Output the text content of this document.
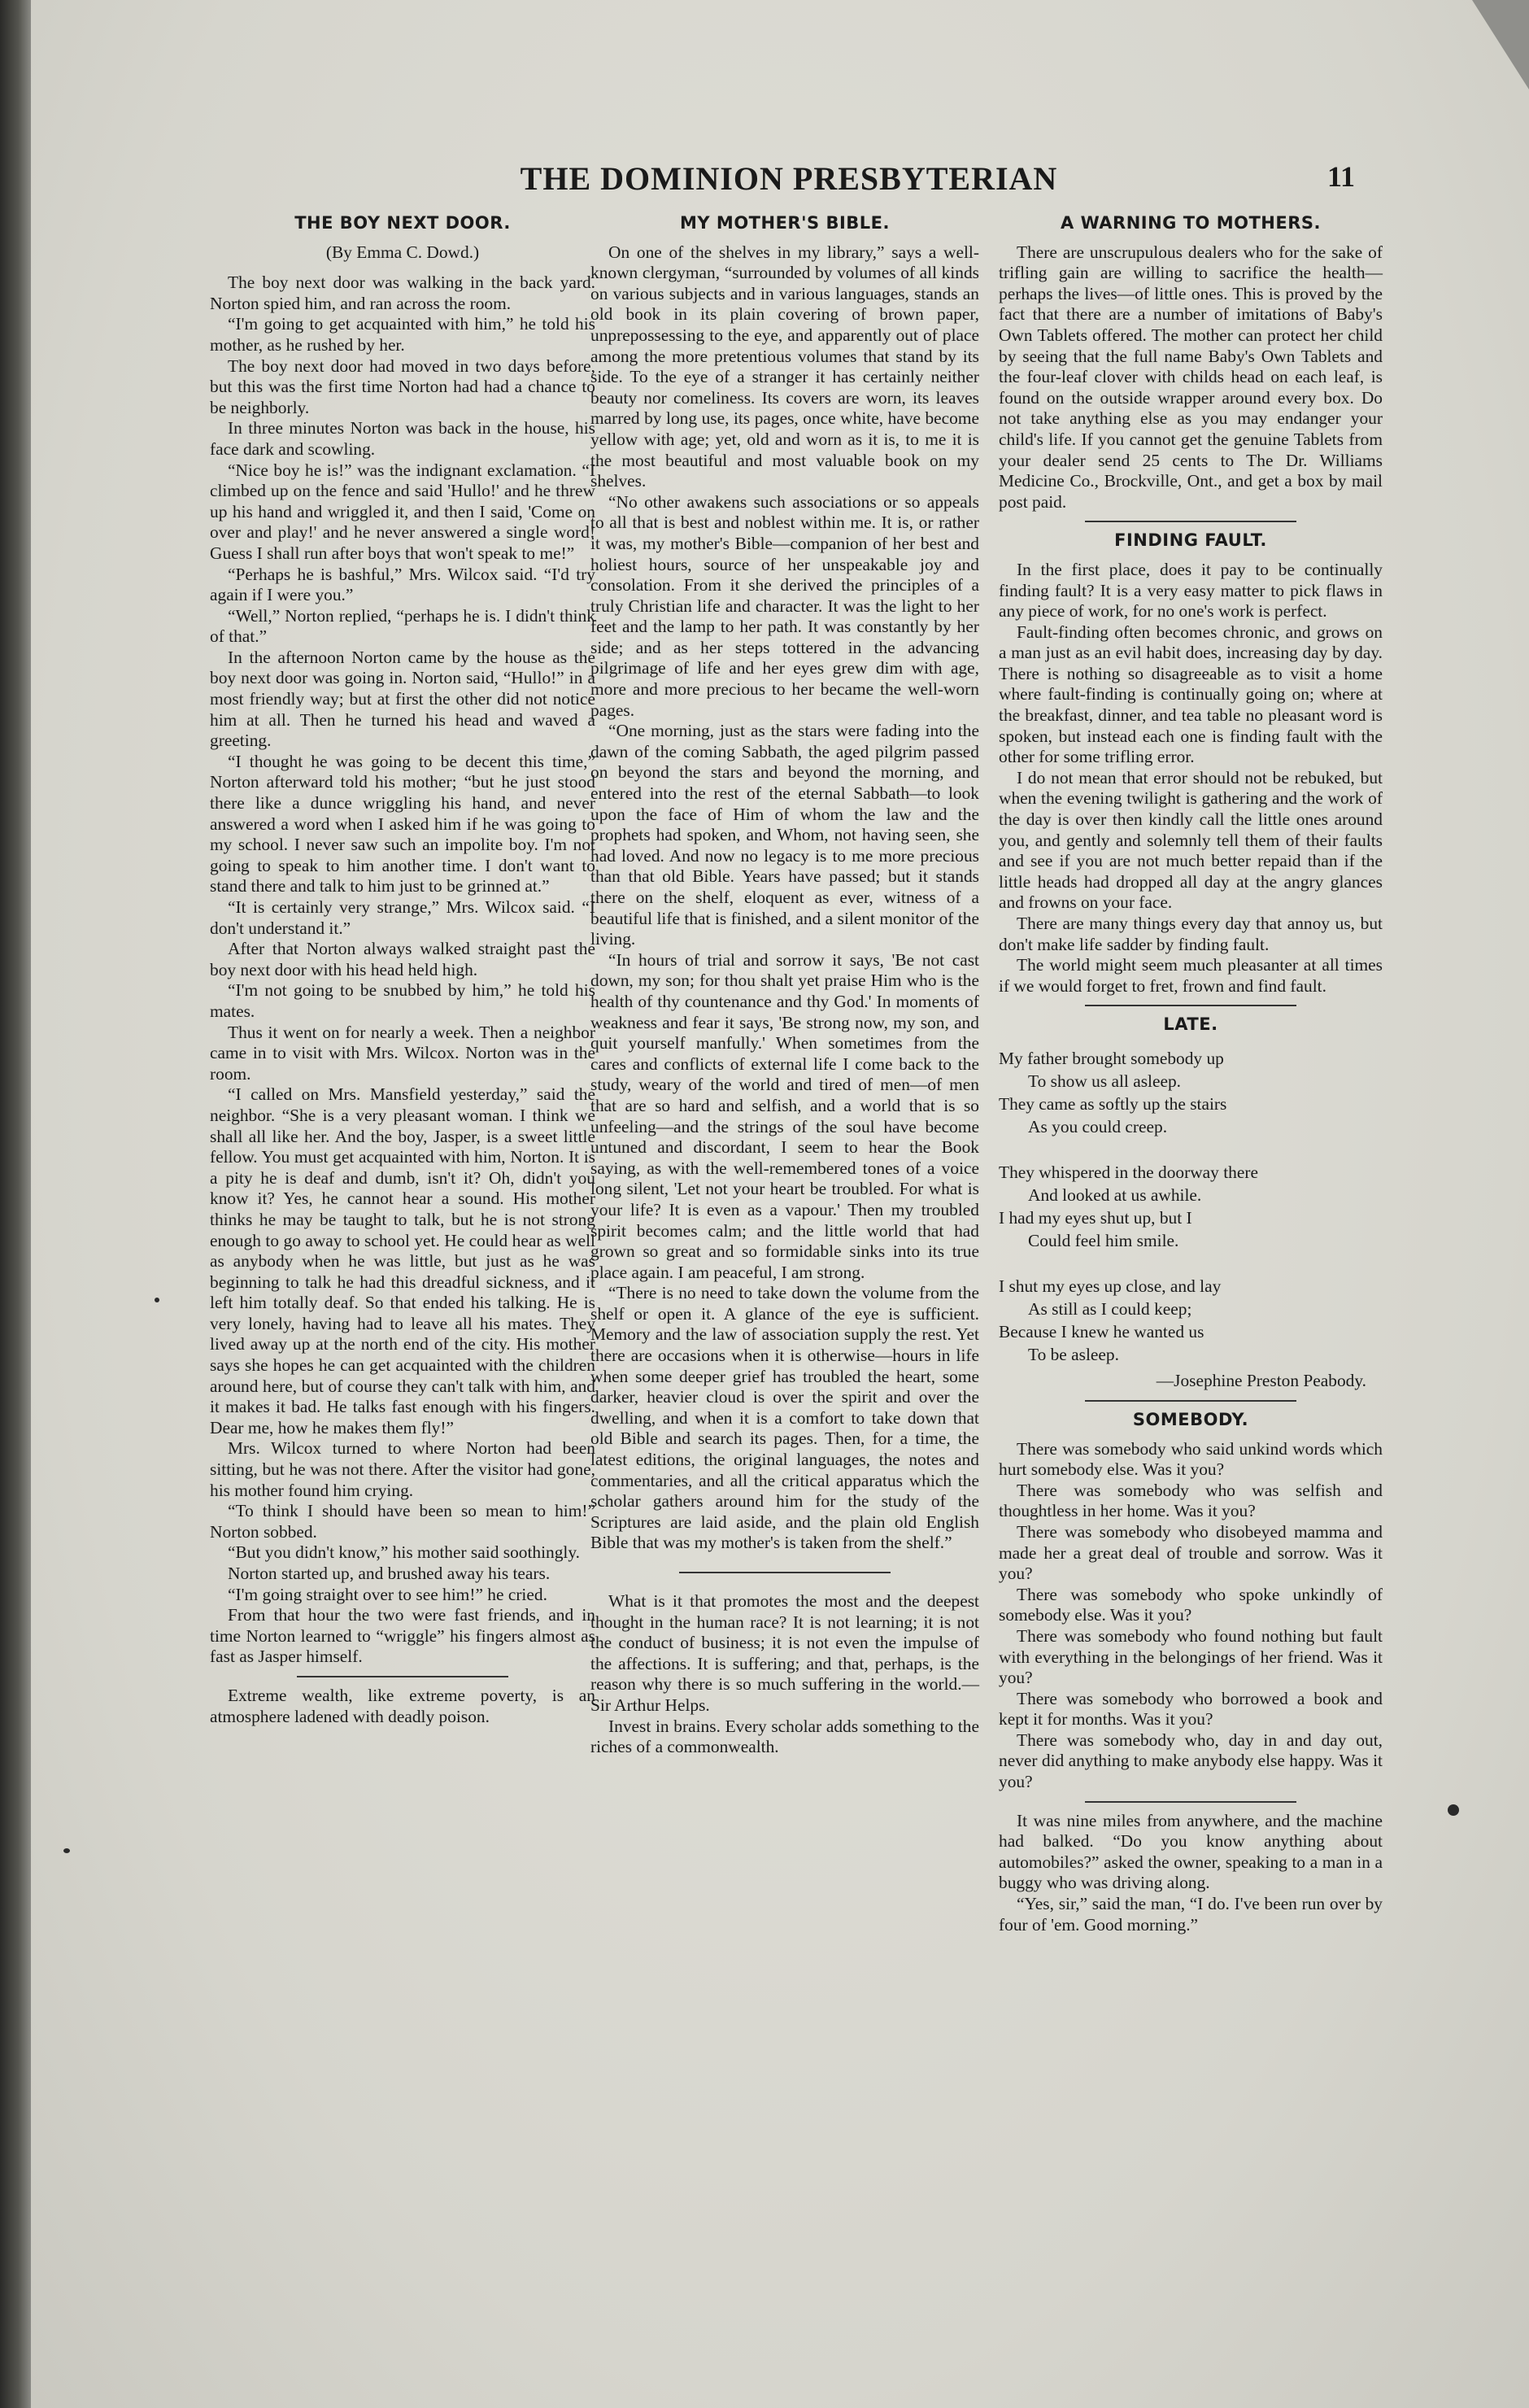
THE DOMINION PRESBYTERIAN	11
THE BOY NEXT DOOR.
(By Emma C. Dowd.)

The boy next door was walking in the back yard. Norton spied him, and ran across the room.

“I'm going to get acquainted with him,” he told his mother, as he rushed by her.

The boy next door had moved in two days before, but this was the first time Norton had had a chance to be neighborly.

In three minutes Norton was back in the house, his face dark and scowling.

“Nice boy he is!” was the indignant exclamation. “I climbed up on the fence and said 'Hullo!' and he threw up his hand and wriggled it, and then I said, 'Come on over and play!' and he never answered a single word! Guess I shall run after boys that won't speak to me!”

“Perhaps he is bashful,” Mrs. Wilcox said. “I'd try again if I were you.”

“Well,” Norton replied, “perhaps he is. I didn't think of that.”

In the afternoon Norton came by the house as the boy next door was going in. Norton said, “Hullo!” in a most friendly way; but at first the other did not notice him at all. Then he turned his head and waved a greeting.

“I thought he was going to be decent this time,” Norton afterward told his mother; “but he just stood there like a dunce wriggling his hand, and never answered a word when I asked him if he was going to my school. I never saw such an impolite boy. I'm not going to speak to him another time. I don't want to stand there and talk to him just to be grinned at.”

“It is certainly very strange,” Mrs. Wilcox said. “I don't understand it.”

After that Norton always walked straight past the boy next door with his head held high.

“I'm not going to be snubbed by him,” he told his mates.

Thus it went on for nearly a week. Then a neighbor came in to visit with Mrs. Wilcox. Norton was in the room.

“I called on Mrs. Mansfield yesterday,” said the neighbor. “She is a very pleasant woman. I think we shall all like her. And the boy, Jasper, is a sweet little fellow. You must get acquainted with him, Norton. It is a pity he is deaf and dumb, isn't it? Oh, didn't you know it? Yes, he cannot hear a sound. His mother thinks he may be taught to talk, but he is not strong enough to go away to school yet. He could hear as well as anybody when he was little, but just as he was beginning to talk he had this dreadful sickness, and it left him totally deaf. So that ended his talking. He is very lonely, having had to leave all his mates. They lived away up at the north end of the city. His mother says she hopes he can get acquainted with the children around here, but of course they can't talk with him, and it makes it bad. He talks fast enough with his fingers. Dear me, how he makes them fly!”

Mrs. Wilcox turned to where Norton had been sitting, but he was not there. After the visitor had gone, his mother found him crying.

“To think I should have been so mean to him!” Norton sobbed.

“But you didn't know,” his mother said soothingly.

Norton started up, and brushed away his tears.

“I'm going straight over to see him!” he cried.

From that hour the two were fast friends, and in time Norton learned to “wriggle” his fingers almost as fast as Jasper himself.

Extreme wealth, like extreme poverty, is an atmosphere ladened with deadly poison.

MY MOTHER'S BIBLE.

On one of the shelves in my library,” says a well-known clergyman, “surrounded by volumes of all kinds on various subjects and in various languages, stands an old book in its plain covering of brown paper, unprepossessing to the eye, and apparently out of place among the more pretentious volumes that stand by its side. To the eye of a stranger it has certainly neither beauty nor comeliness. Its covers are worn, its leaves marred by long use, its pages, once white, have become yellow with age; yet, old and worn as it is, to me it is the most beautiful and most valuable book on my shelves.

“No other awakens such associations or so appeals to all that is best and noblest within me. It is, or rather it was, my mother's Bible—companion of her best and holiest hours, source of her unspeakable joy and consolation. From it she derived the principles of a truly Christian life and character. It was the light to her feet and the lamp to her path. It was constantly by her side; and as her steps tottered in the advancing pilgrimage of life and her eyes grew dim with age, more and more precious to her became the well-worn pages.

“One morning, just as the stars were fading into the dawn of the coming Sabbath, the aged pilgrim passed on beyond the stars and beyond the morning, and entered into the rest of the eternal Sabbath—to look upon the face of Him of whom the law and the prophets had spoken, and Whom, not having seen, she had loved. And now no legacy is to me more precious than that old Bible. Years have passed; but it stands there on the shelf, eloquent as ever, witness of a beautiful life that is finished, and a silent monitor of the living.

“In hours of trial and sorrow it says, 'Be not cast down, my son; for thou shalt yet praise Him who is the health of thy countenance and thy God.' In moments of weakness and fear it says, 'Be strong now, my son, and quit yourself manfully.' When sometimes from the cares and conflicts of external life I come back to the study, weary of the world and tired of men—of men that are so hard and selfish, and a world that is so unfeeling—and the strings of the soul have become untuned and discordant, I seem to hear the Book saying, as with the well-remembered tones of a voice long silent, 'Let not your heart be troubled. For what is your life? It is even as a vapour.' Then my troubled spirit becomes calm; and the little world that had grown so great and so formidable sinks into its true place again. I am peaceful, I am strong.

“There is no need to take down the volume from the shelf or open it. A glance of the eye is sufficient. Memory and the law of association supply the rest. Yet there are occasions when it is otherwise—hours in life when some deeper grief has troubled the heart, some darker, heavier cloud is over the spirit and over the dwelling, and when it is a comfort to take down that old Bible and search its pages. Then, for a time, the latest editions, the original languages, the notes and commentaries, and all the critical apparatus which the scholar gathers around him for the study of the Scriptures are laid aside, and the plain old English Bible that was my mother's is taken from the shelf.”

What is it that promotes the most and the deepest thought in the human race? It is not learning; it is not the conduct of business; it is not even the impulse of the affections. It is suffering; and that, perhaps, is the reason why there is so much suffering in the world.—Sir Arthur Helps.

Invest in brains. Every scholar adds something to the riches of a commonwealth.

A WARNING TO MOTHERS.

There are unscrupulous dealers who for the sake of trifling gain are willing to sacrifice the health—perhaps the lives—of little ones. This is proved by the fact that there are a number of imitations of Baby's Own Tablets offered. The mother can protect her child by seeing that the full name Baby's Own Tablets and the four-leaf clover with childs head on each leaf, is found on the outside wrapper around every box. Do not take anything else as you may endanger your child's life. If you cannot get the genuine Tablets from your dealer send 25 cents to The Dr. Williams Medicine Co., Brockville, Ont., and get a box by mail post paid.

FINDING FAULT.

In the first place, does it pay to be continually finding fault? It is a very easy matter to pick flaws in any piece of work, for no one's work is perfect.

Fault-finding often becomes chronic, and grows on a man just as an evil habit does, increasing day by day. There is nothing so disagreeable as to visit a home where fault-finding is continually going on; where at the breakfast, dinner, and tea table no pleasant word is spoken, but instead each one is finding fault with the other for some trifling error.

I do not mean that error should not be rebuked, but when the evening twilight is gathering and the work of the day is over then kindly call the little ones around you, and gently and solemnly tell them of their faults and see if you are not much better repaid than if the little heads had dropped all day at the angry glances and frowns on your face.

There are many things every day that annoy us, but don't make life sadder by finding fault.

The world might seem much pleasanter at all times if we would forget to fret, frown and find fault.

LATE.

My father brought somebody up

To show us all asleep.

They came as softly up the stairs

As you could creep.

They whispered in the doorway there

And looked at us awhile.

I had my eyes shut up, but I

Could feel him smile.

I shut my eyes up close, and lay

As still as I could keep;

Because I knew he wanted us

To be asleep.

—Josephine Preston Peabody.

SOMEBODY.

There was somebody who said unkind words which hurt somebody else. Was it you?

There was somebody who was selfish and thoughtless in her home. Was it you?

There was somebody who disobeyed mamma and made her a great deal of trouble and sorrow. Was it you?

There was somebody who spoke unkindly of somebody else. Was it you?

There was somebody who found nothing but fault with everything in the belongings of her friend. Was it you?

There was somebody who borrowed a book and kept it for months. Was it you?

There was somebody who, day in and day out, never did anything to make anybody else happy. Was it you?

It was nine miles from anywhere, and the machine had balked. “Do you know anything about automobiles?” asked the owner, speaking to a man in a buggy who was driving along.

“Yes, sir,” said the man, “I do. I've been run over by four of 'em. Good morning.”
